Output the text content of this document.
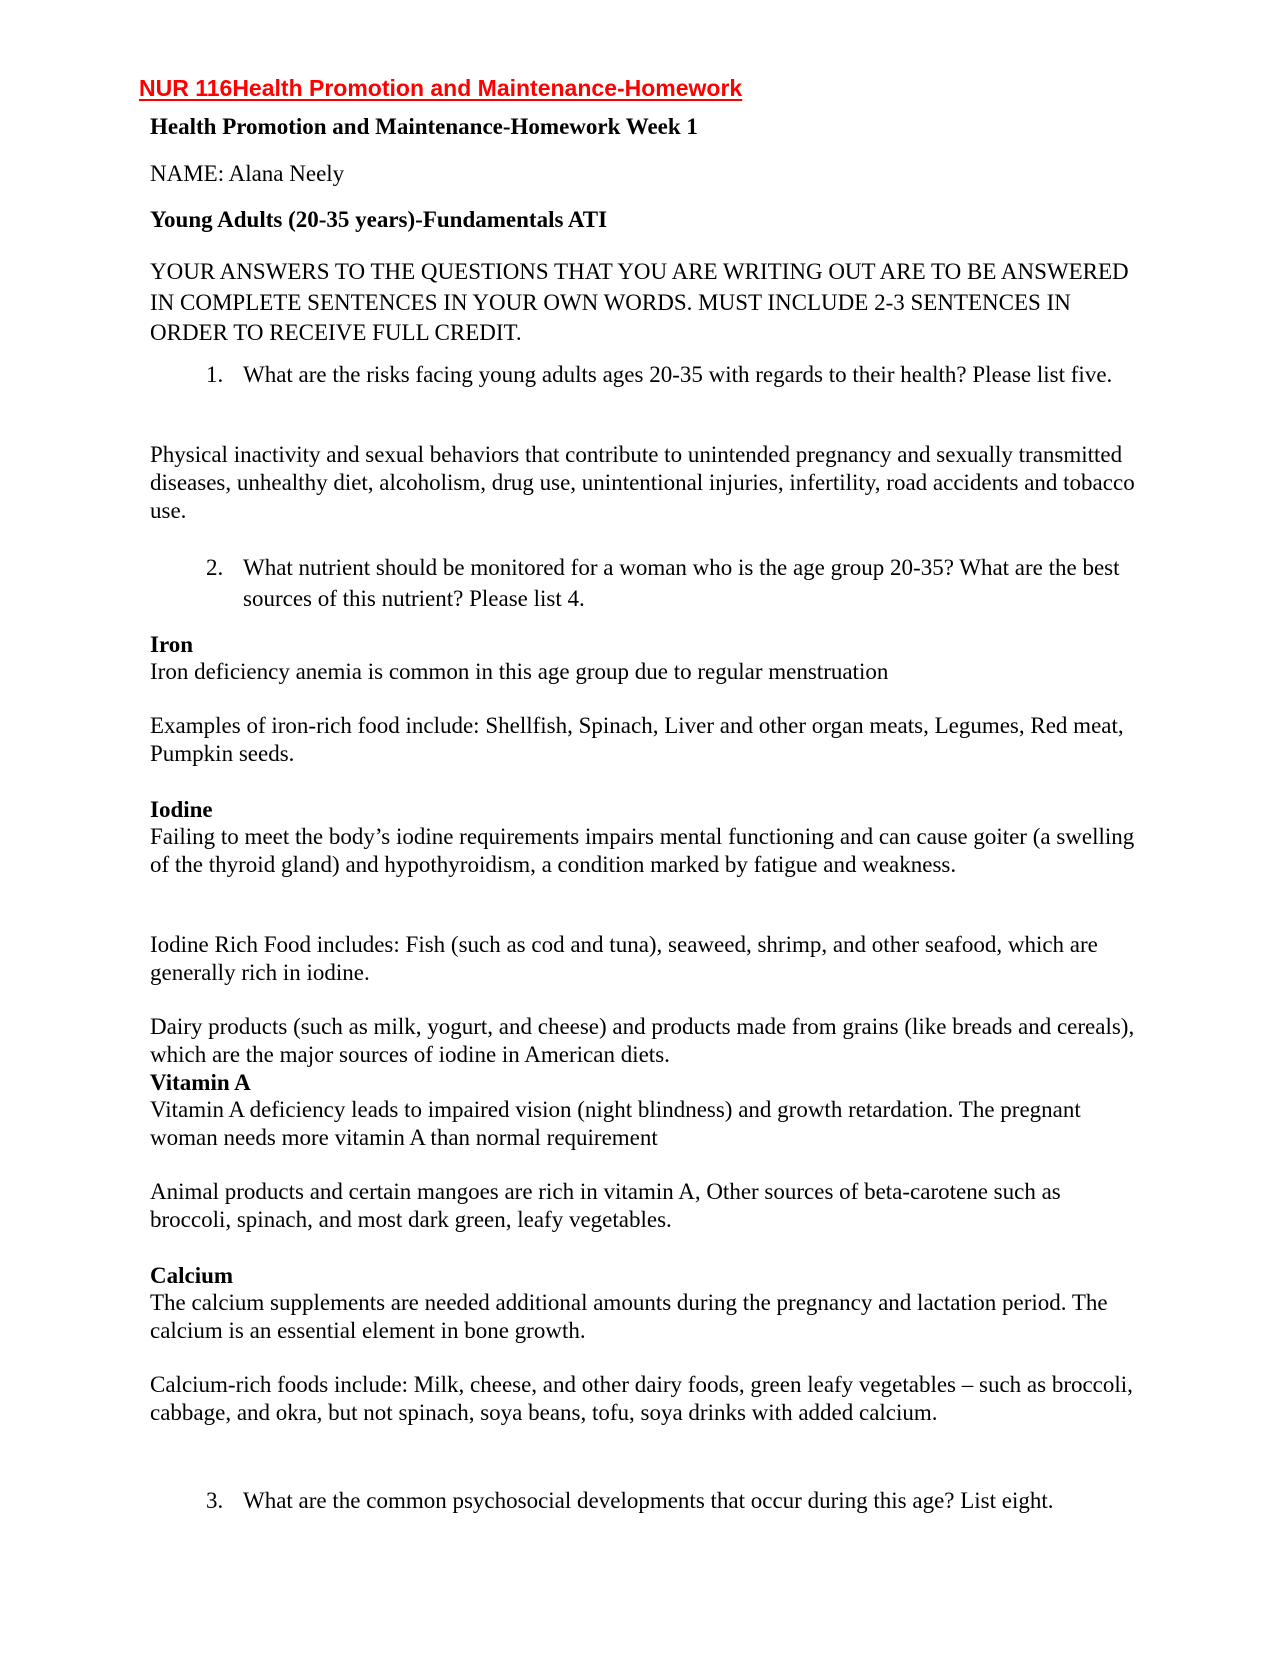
NUR 116Health Promotion and Maintenance-Homework
Health Promotion and Maintenance-Homework Week 1
NAME: Alana Neely
Young Adults (20-35 years)-Fundamentals ATI

YOUR ANSWERS TO THE QUESTIONS THAT YOU ARE WRITING OUT ARE TO BE ANSWERED IN COMPLETE SENTENCES IN YOUR OWN WORDS. MUST INCLUDE 2-3 SENTENCES IN ORDER TO RECEIVE FULL CREDIT.

1. What are the risks facing young adults ages 20-35 with regards to their health? Please list five.

Physical inactivity and sexual behaviors that contribute to unintended pregnancy and sexually transmitted diseases, unhealthy diet, alcoholism, drug use, unintentional injuries, infertility, road accidents and tobacco use.

2. What nutrient should be monitored for a woman who is the age group 20-35? What are the best sources of this nutrient? Please list 4.

Iron

Iron deficiency anemia is common in this age group due to regular menstruation

Examples of iron-rich food include: Shellfish, Spinach, Liver and other organ meats, Legumes, Red meat, Pumpkin seeds.

Iodine

Failing to meet the body’s iodine requirements impairs mental functioning and can cause goiter (a swelling of the thyroid gland) and hypothyroidism, a condition marked by fatigue and weakness.

Iodine Rich Food includes: Fish (such as cod and tuna), seaweed, shrimp, and other seafood, which are generally rich in iodine.

Dairy products (such as milk, yogurt, and cheese) and products made from grains (like breads and cereals), which are the major sources of iodine in American diets.

Vitamin A

Vitamin A deficiency leads to impaired vision (night blindness) and growth retardation. The pregnant woman needs more vitamin A than normal requirement

Animal products and certain mangoes are rich in vitamin A, Other sources of beta-carotene such as broccoli, spinach, and most dark green, leafy vegetables.

Calcium

The calcium supplements are needed additional amounts during the pregnancy and lactation period. The calcium is an essential element in bone growth.

Calcium-rich foods include: Milk, cheese, and other dairy foods, green leafy vegetables – such as broccoli, cabbage, and okra, but not spinach, soya beans, tofu, soya drinks with added calcium.

3. What are the common psychosocial developments that occur during this age? List eight.
